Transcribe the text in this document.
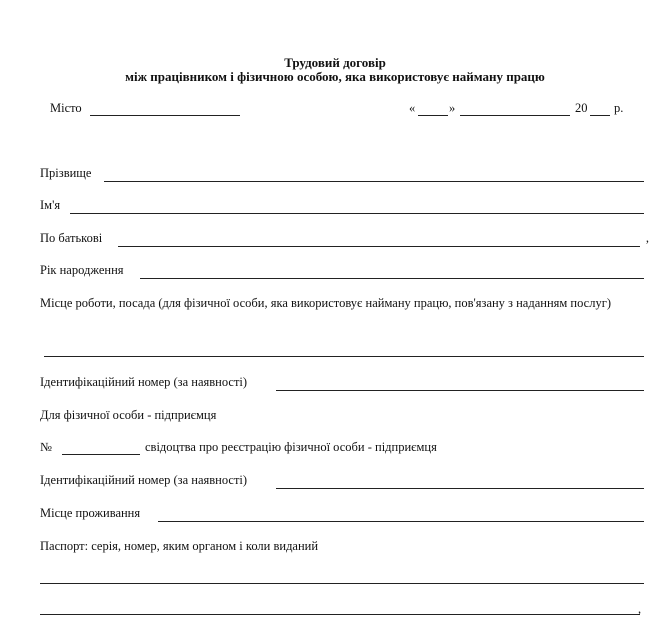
Трудовий договір
між працівником і фізичною особою, яка використовує найману працю
Місто	«	»	20 р.
Прізвище
Ім'я
По батькові	,
Рік народження
Місце роботи, посада (для фізичної особи, яка використовує найману працю, пов'язану з наданням послуг)
Ідентифікаційний номер (за наявності)
Для фізичної особи - підприємця
№	свідоцтва про реєстрацію фізичної особи - підприємця
Ідентифікаційний номер (за наявності)
Місце проживання
Паспорт: серія, номер, яким органом і коли виданий
,
